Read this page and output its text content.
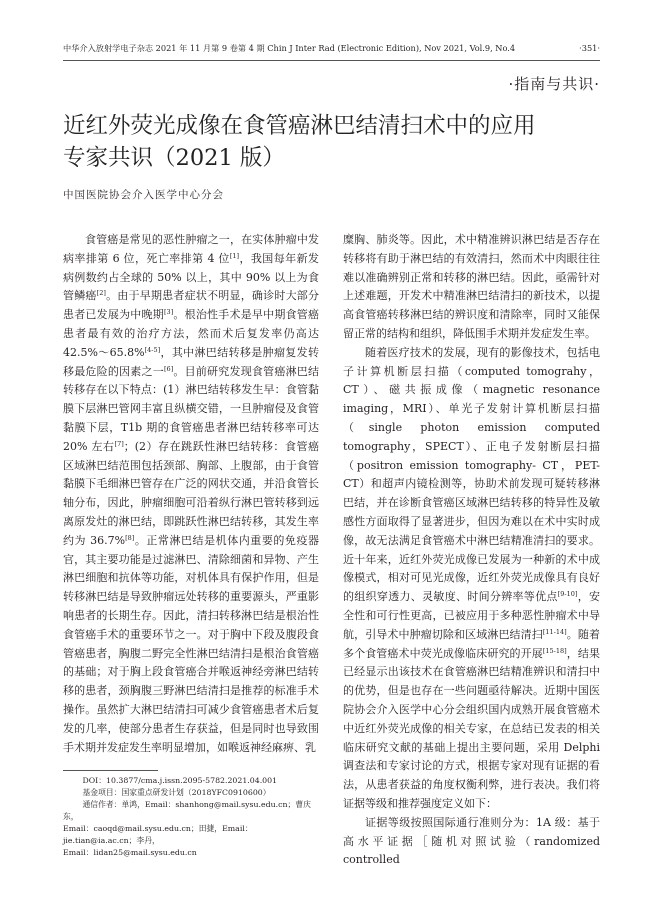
中华介入放射学电子杂志 2021 年 11 月第 9 卷第 4 期 Chin J Inter Rad (Electronic Edition), Nov 2021, Vol.9, No.4	·351·
·指南与共识·
近红外荧光成像在食管癌淋巴结清扫术中的应用
专家共识（2021 版）
中国医院协会介入医学中心分会

食管癌是常见的恶性肿瘤之一，在实体肿瘤中发病率排第 6 位，死亡率排第 4 位[1]，我国每年新发病例数约占全球的 50% 以上，其中 90% 以上为食管鳞癌[2]。由于早期患者症状不明显，确诊时大部分患者已发展为中晚期[3]。根治性手术是早中期食管癌患者最有效的治疗方法，然而术后复发率仍高达 42.5%～65.8%[4-5]，其中淋巴结转移是肿瘤复发转移最危险的因素之一[6]。目前研究发现食管癌淋巴结转移存在以下特点：(1）淋巴结转移发生早：食管黏膜下层淋巴管网丰富且纵横交错，一旦肿瘤侵及食管黏膜下层，T1b 期的食管癌患者淋巴结转移率可达 20% 左右[7]；(2）存在跳跃性淋巴结转移：食管癌区域淋巴结范围包括颈部、胸部、上腹部，由于食管黏膜下毛细淋巴管存在广泛的网状交通，并沿食管长轴分布，因此，肿瘤细胞可沿着纵行淋巴管转移到远离原发灶的淋巴结，即跳跃性淋巴结转移，其发生率约为 36.7%[8]。正常淋巴结是机体内重要的免疫器官，其主要功能是过滤淋巴、清除细菌和异物、产生淋巴细胞和抗体等功能，对机体具有保护作用，但是转移淋巴结是导致肿瘤远处转移的重要源头，严重影响患者的长期生存。因此，清扫转移淋巴结是根治性食管癌手术的重要环节之一。对于胸中下段及腹段食管癌患者，胸腹二野完全性淋巴结清扫是根治食管癌的基础；对于胸上段食管癌合并喉返神经旁淋巴结转移的患者，颈胸腹三野淋巴结清扫是推荐的标准手术操作。虽然扩大淋巴结清扫可减少食管癌患者术后复发的几率，使部分患者生存获益，但是同时也导致围手术期并发症发生率明显增加，如喉返神经麻痹、乳

糜胸、肺炎等。因此，术中精准辨识淋巴结是否存在转移将有助于淋巴结的有效清扫，然而术中肉眼往往难以准确辨别正常和转移的淋巴结。因此，亟需针对上述难题，开发术中精准淋巴结清扫的新技术，以提高食管癌转移淋巴结的辨识度和清除率，同时又能保留正常的结构和组织，降低围手术期并发症发生率。

随着医疗技术的发展，现有的影像技术，包括电子计算机断层扫描（computed tomograhy，CT）、磁共振成像（magnetic resonance imaging，MRI）、单光子发射计算机断层扫描（single photon emission computed tomography，SPECT）、正电子发射断层扫描（positron emission tomography- CT，PET-CT）和超声内镜检测等，协助术前发现可疑转移淋巴结，并在诊断食管癌区域淋巴结转移的特异性及敏感性方面取得了显著进步，但因为难以在术中实时成像，故无法满足食管癌术中淋巴结精准清扫的要求。近十年来，近红外荧光成像已发展为一种新的术中成像模式，相对可见光成像，近红外荧光成像具有良好的组织穿透力、灵敏度、时间分辨率等优点[9-10]，安全性和可行性更高，已被应用于多种恶性肿瘤术中导航，引导术中肿瘤切除和区域淋巴结清扫[11-14]。随着多个食管癌术中荧光成像临床研究的开展[15-18]，结果已经显示出该技术在食管癌淋巴结精准辨识和清扫中的优势，但是也存在一些问题亟待解决。近期中国医院协会介入医学中心分会组织国内成熟开展食管癌术中近红外荧光成像的相关专家，在总结已发表的相关临床研究文献的基础上提出主要问题，采用 Delphi 调查法和专家讨论的方式，根据专家对现有证据的看法，从患者获益的角度权衡利弊，进行表决。我们将证据等级和推荐强度定义如下：

证据等级按照国际通行准则分为：1A 级：基于高水平证据［随机对照试验（randomized controlled

DOI：10.3877/cma.j.issn.2095-5782.2021.04.001
基金项目：国家重点研发计划（2018YFC0910600）
通信作者：单鸿，Email：shanhong@mail.sysu.edu.cn；曹庆东，
Email：caoqd@mail.sysu.edu.cn；田捷，Email：jie.tian@ia.ac.cn；李丹，
Email：lidan25@mail.sysu.edu.cn
